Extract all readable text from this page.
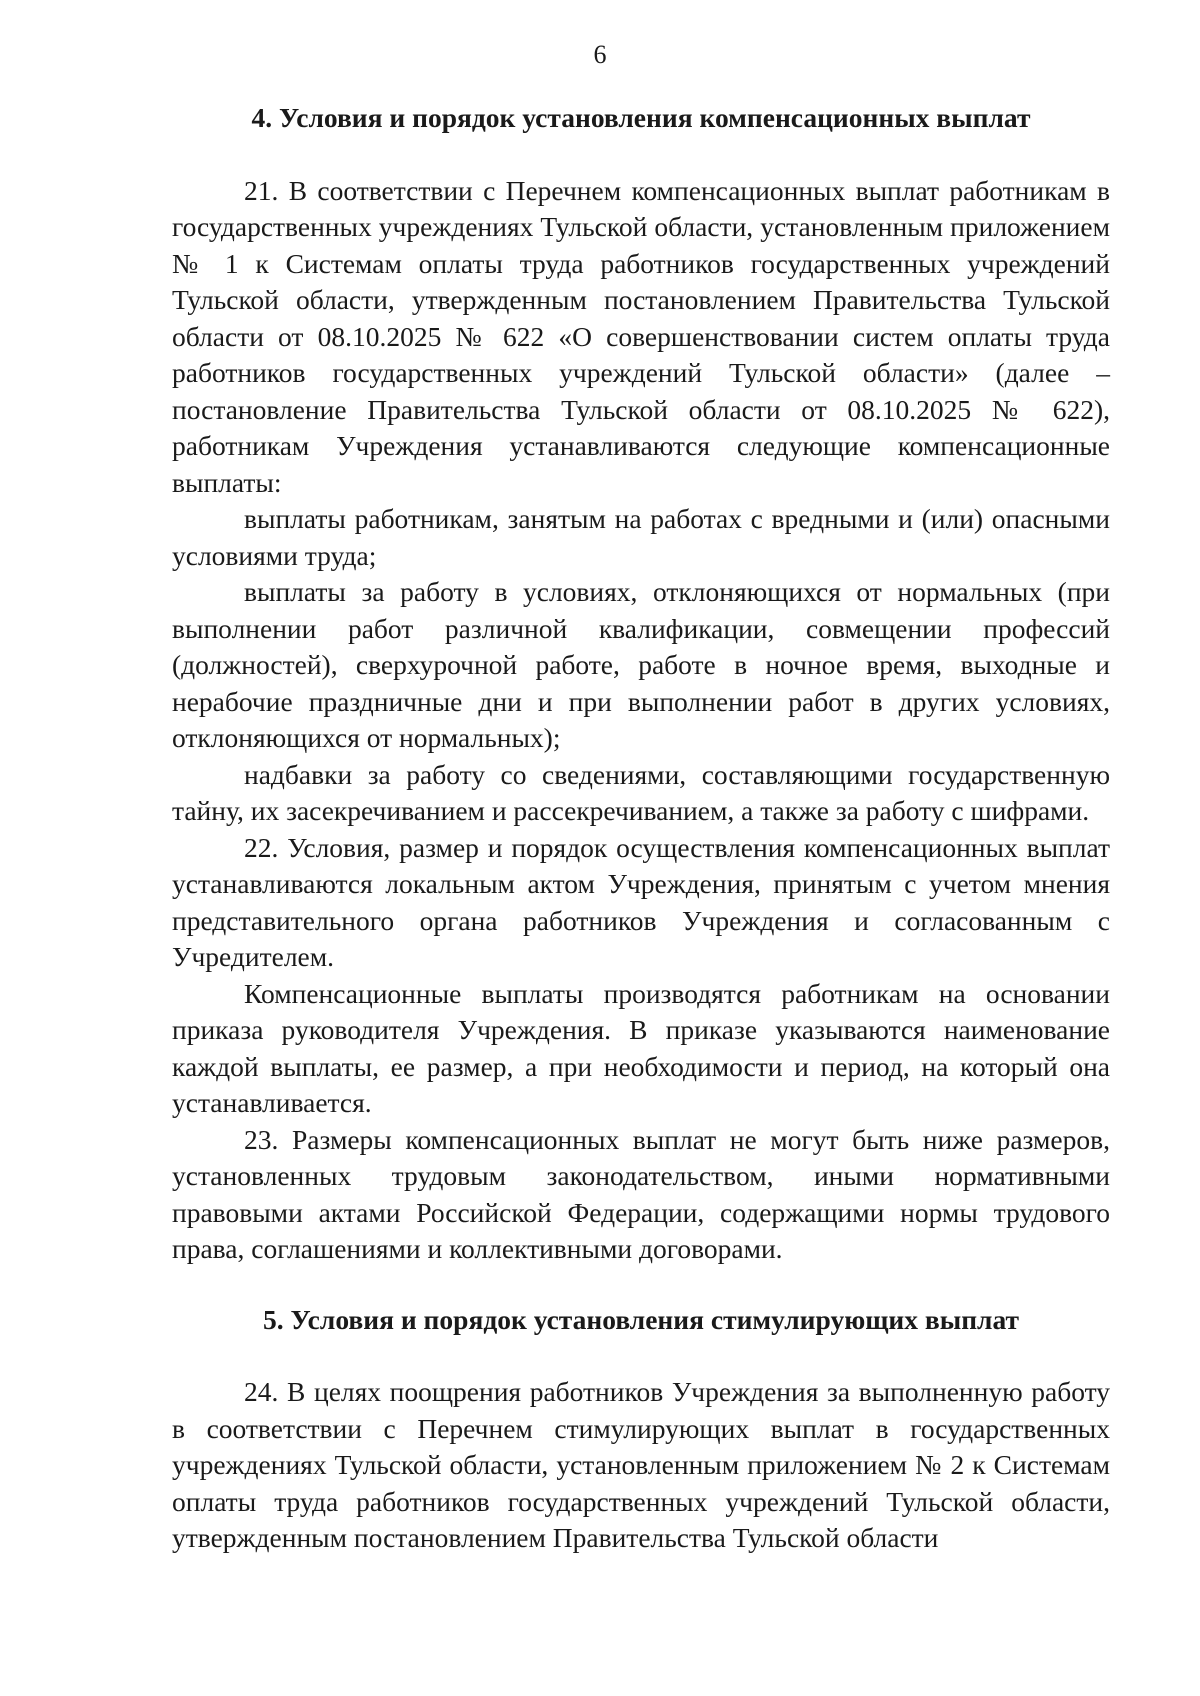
6
4. Условия и порядок установления компенсационных выплат

21. В соответствии с Перечнем компенсационных выплат работникам в государственных учреждениях Тульской области, установленным приложением № 1 к Системам оплаты труда работников государственных учреждений Тульской области, утвержденным постановлением Правительства Тульской области от 08.10.2025 № 622 «О совершенствовании систем оплаты труда работников государственных учреждений Тульской области» (далее – постановление Правительства Тульской области от 08.10.2025 № 622), работникам Учреждения устанавливаются следующие компенсационные выплаты:

выплаты работникам, занятым на работах с вредными и (или) опасными условиями труда;

выплаты за работу в условиях, отклоняющихся от нормальных (при выполнении работ различной квалификации, совмещении профессий (должностей), сверхурочной работе, работе в ночное время, выходные и нерабочие праздничные дни и при выполнении работ в других условиях, отклоняющихся от нормальных);

надбавки за работу со сведениями, составляющими государственную тайну, их засекречиванием и рассекречиванием, а также за работу с шифрами.

22. Условия, размер и порядок осуществления компенсационных выплат устанавливаются локальным актом Учреждения, принятым с учетом мнения представительного органа работников Учреждения и согласованным с Учредителем.

Компенсационные выплаты производятся работникам на основании приказа руководителя Учреждения. В приказе указываются наименование каждой выплаты, ее размер, а при необходимости и период, на который она устанавливается.

23. Размеры компенсационных выплат не могут быть ниже размеров, установленных трудовым законодательством, иными нормативными правовыми актами Российской Федерации, содержащими нормы трудового права, соглашениями и коллективными договорами.

5. Условия и порядок установления стимулирующих выплат

24. В целях поощрения работников Учреждения за выполненную работу в соответствии с Перечнем стимулирующих выплат в государственных учреждениях Тульской области, установленным приложением № 2 к Системам оплаты труда работников государственных учреждений Тульской области, утвержденным постановлением Правительства Тульской области
